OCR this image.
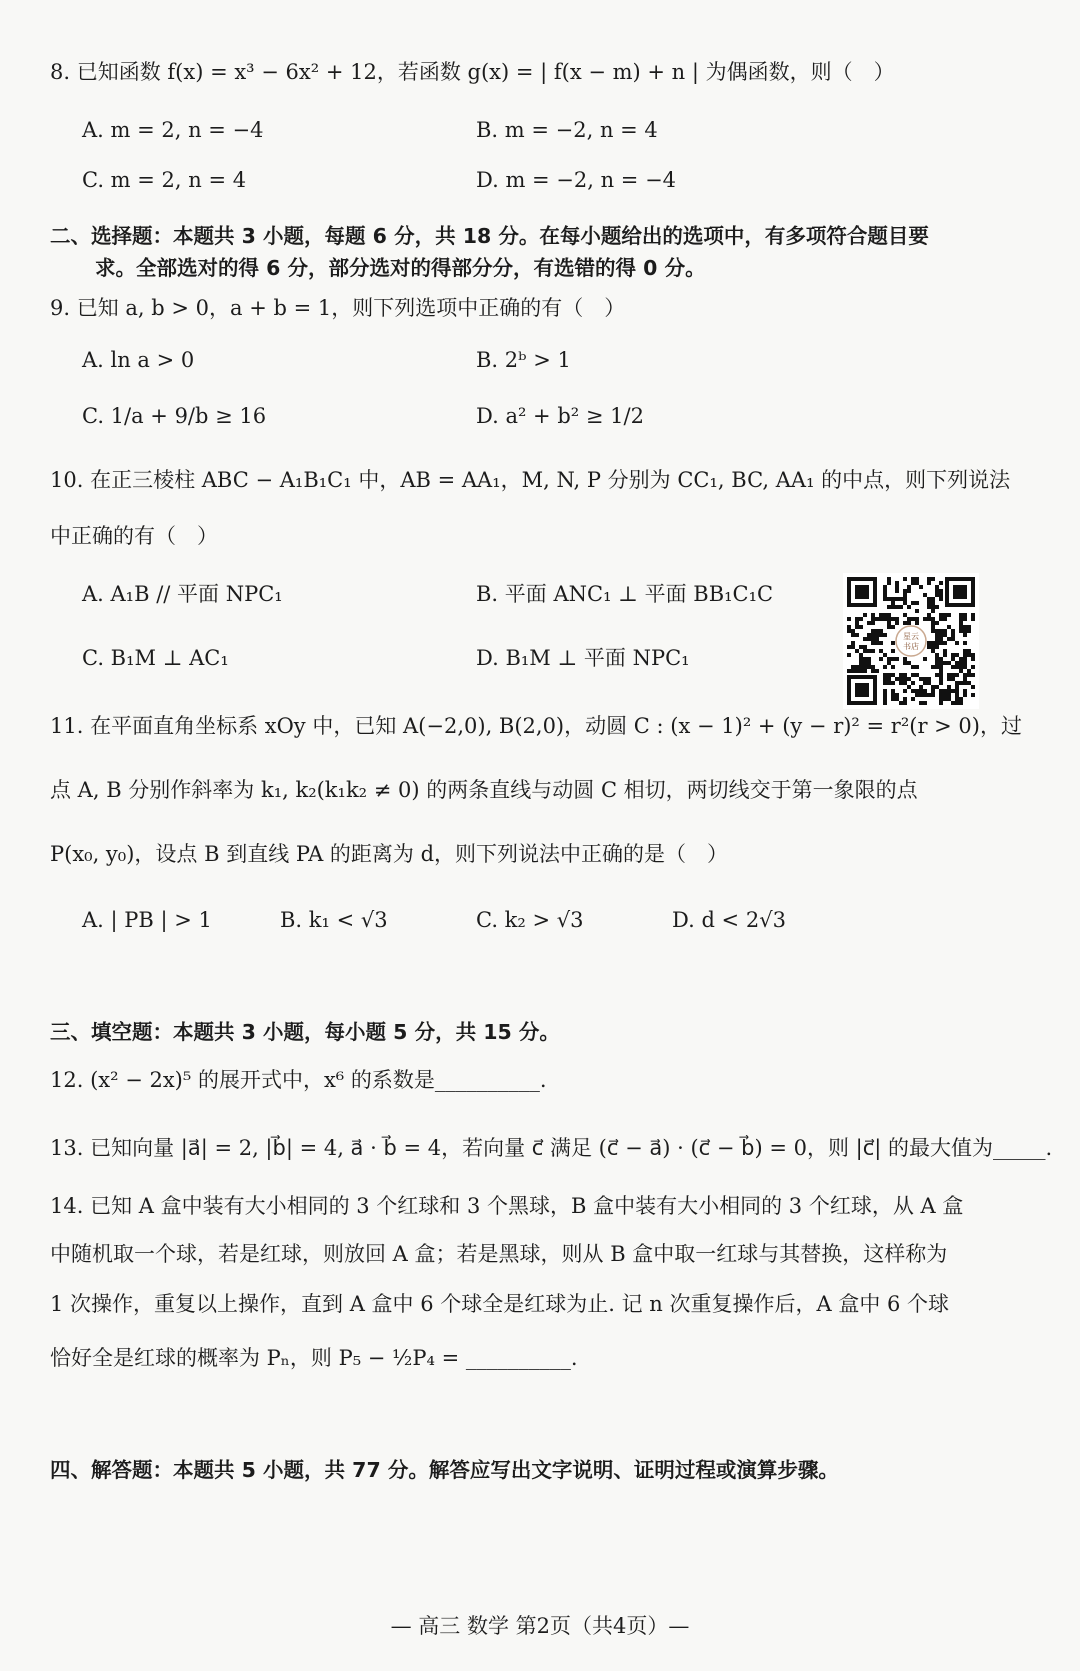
8. 已知函数 f(x) = x³ − 6x² + 12，若函数 g(x) = | f(x − m) + n | 为偶函数，则（　）
A. m = 2, n = −4	B. m = −2, n = 4
C. m = 2, n = 4	D. m = −2, n = −4
二、选择题：本题共 3 小题，每题 6 分，共 18 分。在每小题给出的选项中，有多项符合题目要
求。全部选对的得 6 分，部分选对的得部分分，有选错的得 0 分。
9. 已知 a, b > 0，a + b = 1，则下列选项中正确的有（　）
A. ln a > 0	B. 2ᵇ > 1
C. 1/a + 9/b ≥ 16	D. a² + b² ≥ 1/2
10. 在正三棱柱 ABC − A₁B₁C₁ 中，AB = AA₁，M, N, P 分别为 CC₁, BC, AA₁ 的中点，则下列说法
中正确的有（　）
A. A₁B // 平面 NPC₁	B. 平面 ANC₁ ⊥ 平面 BB₁C₁C
C. B₁M ⊥ AC₁	D. B₁M ⊥ 平面 NPC₁
星云
书店
11. 在平面直角坐标系 xOy 中，已知 A(−2,0), B(2,0)，动圆 C : (x − 1)² + (y − r)² = r²(r > 0)，过
点 A, B 分别作斜率为 k₁, k₂(k₁k₂ ≠ 0) 的两条直线与动圆 C 相切，两切线交于第一象限的点
P(x₀, y₀)，设点 B 到直线 PA 的距离为 d，则下列说法中正确的是（　）
A. | PB | > 1	B. k₁ < √3	C. k₂ > √3	D. d < 2√3
三、填空题：本题共 3 小题，每小题 5 分，共 15 分。
12. (x² − 2x)⁵ 的展开式中，x⁶ 的系数是__________.
13. 已知向量 |a⃗| = 2, |b⃗| = 4, a⃗ · b⃗ = 4，若向量 c⃗ 满足 (c⃗ − a⃗) · (c⃗ − b⃗) = 0，则 |c⃗| 的最大值为_____.
14. 已知 A 盒中装有大小相同的 3 个红球和 3 个黑球，B 盒中装有大小相同的 3 个红球，从 A 盒
中随机取一个球，若是红球，则放回 A 盒；若是黑球，则从 B 盒中取一红球与其替换，这样称为
1 次操作，重复以上操作，直到 A 盒中 6 个球全是红球为止. 记 n 次重复操作后，A 盒中 6 个球
恰好全是红球的概率为 Pₙ，则 P₅ − ½P₄ = __________.
四、解答题：本题共 5 小题，共 77 分。解答应写出文字说明、证明过程或演算步骤。
— 高三 数学 第2页（共4页）—
